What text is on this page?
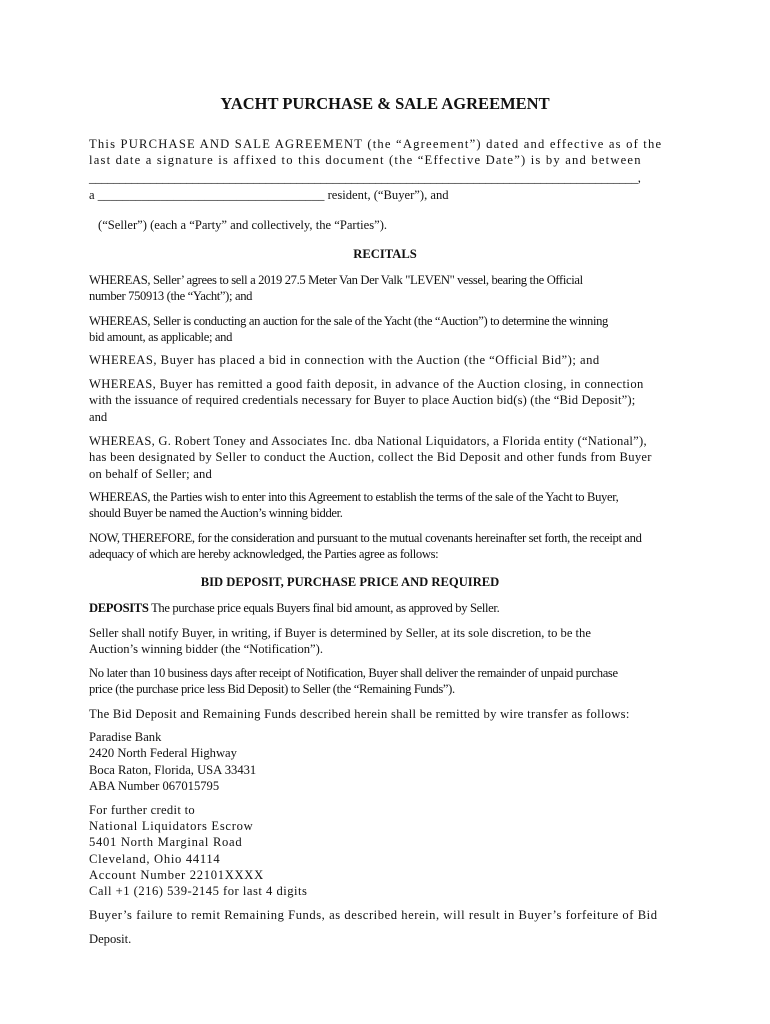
YACHT PURCHASE & SALE AGREEMENT
This PURCHASE AND SALE AGREEMENT (the “Agreement”) dated and effective as of the
last date a signature is affixed to this document (the “Effective Date”) is by and between
__________________________________________________________________________________________,
a ____________________________________ resident, (“Buyer”), and
(“Seller”) (each a “Party” and collectively, the “Parties”).
RECITALS
WHEREAS, Seller’ agrees to sell a 2019 27.5 Meter Van Der Valk "LEVEN" vessel, bearing the Official
number 750913 (the “Yacht”); and
WHEREAS, Seller is conducting an auction for the sale of the Yacht (the “Auction”) to determine the winning
bid amount, as applicable; and
WHEREAS, Buyer has placed a bid in connection with the Auction (the “Official Bid”); and
WHEREAS, Buyer has remitted a good faith deposit, in advance of the Auction closing, in connection
with the issuance of required credentials necessary for Buyer to place Auction bid(s) (the “Bid Deposit”);
and
WHEREAS, G. Robert Toney and Associates Inc. dba National Liquidators, a Florida entity (“National”),
has been designated by Seller to conduct the Auction, collect the Bid Deposit and other funds from Buyer
on behalf of Seller; and
WHEREAS, the Parties wish to enter into this Agreement to establish the terms of the sale of the Yacht to Buyer,
should Buyer be named the Auction’s winning bidder.
NOW, THEREFORE, for the consideration and pursuant to the mutual covenants hereinafter set forth, the receipt and
adequacy of which are hereby acknowledged, the Parties agree as follows:
BID DEPOSIT, PURCHASE PRICE AND REQUIRED
DEPOSITS The purchase price equals Buyers final bid amount, as approved by Seller.
Seller shall notify Buyer, in writing, if Buyer is determined by Seller, at its sole discretion, to be the
Auction’s winning bidder (the “Notification”).
No later than 10 business days after receipt of Notification, Buyer shall deliver the remainder of unpaid purchase
price (the purchase price less Bid Deposit) to Seller (the “Remaining Funds”).
The Bid Deposit and Remaining Funds described herein shall be remitted by wire transfer as follows:
Paradise Bank
2420 North Federal Highway
Boca Raton, Florida, USA 33431
ABA Number 067015795
For further credit to
National Liquidators Escrow
5401 North Marginal Road
Cleveland, Ohio 44114
Account Number 22101XXXX
Call +1 (216) 539-2145 for last 4 digits
Buyer’s failure to remit Remaining Funds, as described herein, will result in Buyer’s forfeiture of Bid
Deposit.
